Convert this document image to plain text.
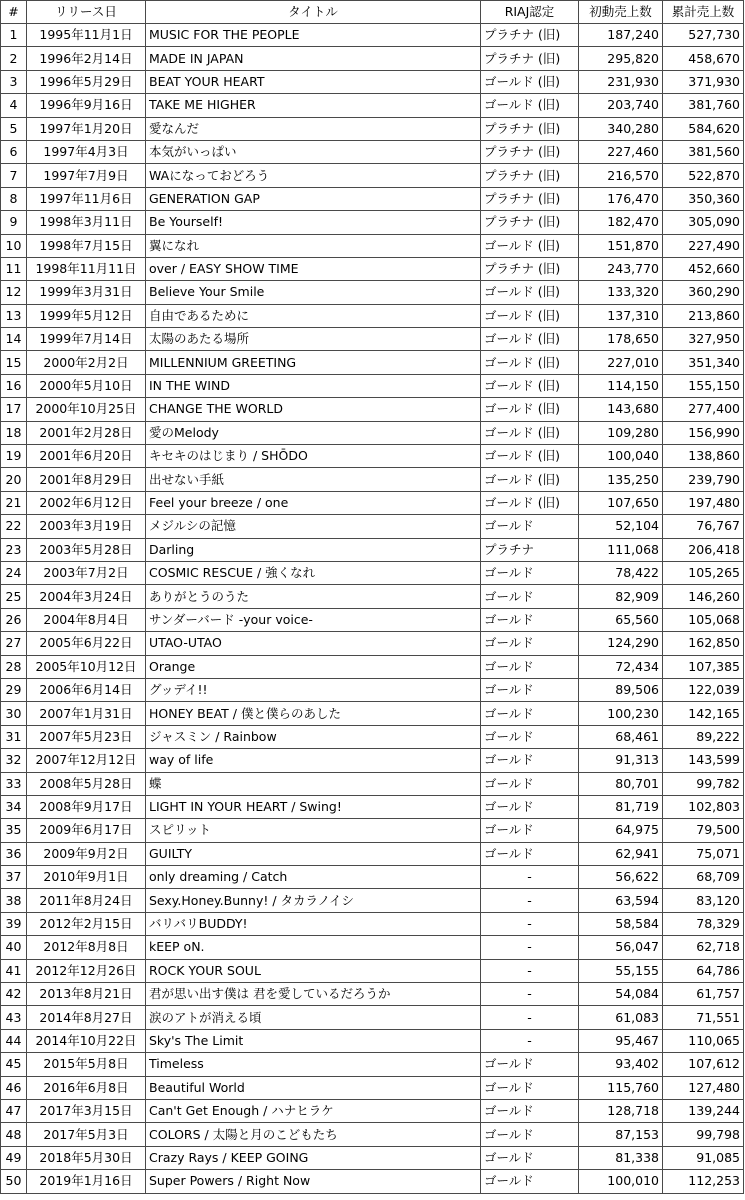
#	リリース日	タイトル	RIAJ認定	初動売上数	累計売上数
1	1995年11月1日	MUSIC FOR THE PEOPLE	プラチナ (旧)	187,240	527,730
2	1996年2月14日	MADE IN JAPAN	プラチナ (旧)	295,820	458,670
3	1996年5月29日	BEAT YOUR HEART	ゴールド (旧)	231,930	371,930
4	1996年9月16日	TAKE ME HIGHER	ゴールド (旧)	203,740	381,760
5	1997年1月20日	愛なんだ	プラチナ (旧)	340,280	584,620
6	1997年4月3日	本気がいっぱい	プラチナ (旧)	227,460	381,560
7	1997年7月9日	WAになっておどろう	プラチナ (旧)	216,570	522,870
8	1997年11月6日	GENERATION GAP	プラチナ (旧)	176,470	350,360
9	1998年3月11日	Be Yourself!	プラチナ (旧)	182,470	305,090
10	1998年7月15日	翼になれ	ゴールド (旧)	151,870	227,490
11	1998年11月11日	over / EASY SHOW TIME	プラチナ (旧)	243,770	452,660
12	1999年3月31日	Believe Your Smile	ゴールド (旧)	133,320	360,290
13	1999年5月12日	自由であるために	ゴールド (旧)	137,310	213,860
14	1999年7月14日	太陽のあたる場所	ゴールド (旧)	178,650	327,950
15	2000年2月2日	MILLENNIUM GREETING	ゴールド (旧)	227,010	351,340
16	2000年5月10日	IN THE WIND	ゴールド (旧)	114,150	155,150
17	2000年10月25日	CHANGE THE WORLD	ゴールド (旧)	143,680	277,400
18	2001年2月28日	愛のMelody	ゴールド (旧)	109,280	156,990
19	2001年6月20日	キセキのはじまり / SHŌDO	ゴールド (旧)	100,040	138,860
20	2001年8月29日	出せない手紙	ゴールド (旧)	135,250	239,790
21	2002年6月12日	Feel your breeze / one	ゴールド (旧)	107,650	197,480
22	2003年3月19日	メジルシの記憶	ゴールド	52,104	76,767
23	2003年5月28日	Darling	プラチナ	111,068	206,418
24	2003年7月2日	COSMIC RESCUE / 強くなれ	ゴールド	78,422	105,265
25	2004年3月24日	ありがとうのうた	ゴールド	82,909	146,260
26	2004年8月4日	サンダーバード -your voice-	ゴールド	65,560	105,068
27	2005年6月22日	UTAO-UTAO	ゴールド	124,290	162,850
28	2005年10月12日	Orange	ゴールド	72,434	107,385
29	2006年6月14日	グッデイ!!	ゴールド	89,506	122,039
30	2007年1月31日	HONEY BEAT / 僕と僕らのあした	ゴールド	100,230	142,165
31	2007年5月23日	ジャスミン / Rainbow	ゴールド	68,461	89,222
32	2007年12月12日	way of life	ゴールド	91,313	143,599
33	2008年5月28日	蝶	ゴールド	80,701	99,782
34	2008年9月17日	LIGHT IN YOUR HEART / Swing!	ゴールド	81,719	102,803
35	2009年6月17日	スピリット	ゴールド	64,975	79,500
36	2009年9月2日	GUILTY	ゴールド	62,941	75,071
37	2010年9月1日	only dreaming / Catch	-	56,622	68,709
38	2011年8月24日	Sexy.Honey.Bunny! / タカラノイシ	-	63,594	83,120
39	2012年2月15日	バリバリBUDDY!	-	58,584	78,329
40	2012年8月8日	kEEP oN.	-	56,047	62,718
41	2012年12月26日	ROCK YOUR SOUL	-	55,155	64,786
42	2013年8月21日	君が思い出す僕は 君を愛しているだろうか	-	54,084	61,757
43	2014年8月27日	涙のアトが消える頃	-	61,083	71,551
44	2014年10月22日	Sky's The Limit	-	95,467	110,065
45	2015年5月8日	Timeless	ゴールド	93,402	107,612
46	2016年6月8日	Beautiful World	ゴールド	115,760	127,480
47	2017年3月15日	Can't Get Enough / ハナヒラケ	ゴールド	128,718	139,244
48	2017年5月3日	COLORS / 太陽と月のこどもたち	ゴールド	87,153	99,798
49	2018年5月30日	Crazy Rays / KEEP GOING	ゴールド	81,338	91,085
50	2019年1月16日	Super Powers / Right Now	ゴールド	100,010	112,253
